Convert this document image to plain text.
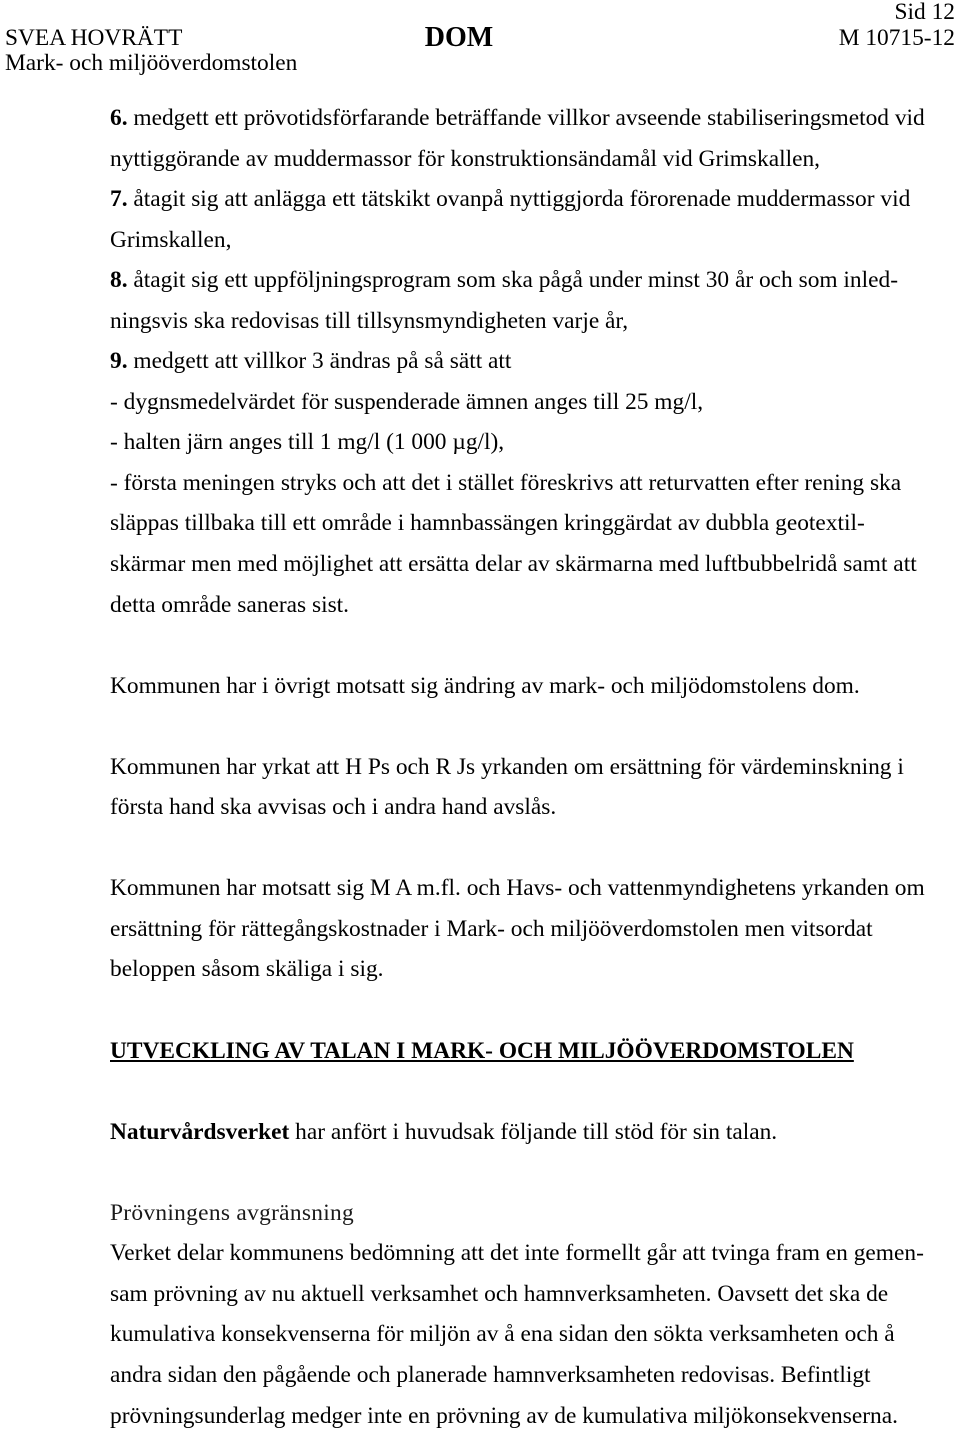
Sid 12
SVEA HOVRÄTT	DOM	M 10715-12
Mark- och miljööverdomstolen
6. medgett ett prövotidsförfarande beträffande villkor avseende stabiliseringsmetod vid
nyttiggörande av muddermassor för konstruktionsändamål vid Grimskallen,
7. åtagit sig att anlägga ett tätskikt ovanpå nyttiggjorda förorenade muddermassor vid
Grimskallen,
8. åtagit sig ett uppföljningsprogram som ska pågå under minst 30 år och som inled-
ningsvis ska redovisas till tillsynsmyndigheten varje år,
9. medgett att villkor 3 ändras på så sätt att
- dygnsmedelvärdet för suspenderade ämnen anges till 25 mg/l,
- halten järn anges till 1 mg/l (1 000 µg/l),
- första meningen stryks och att det i stället föreskrivs att returvatten efter rening ska
släppas tillbaka till ett område i hamnbassängen kringgärdat av dubbla geotextil-
skärmar men med möjlighet att ersätta delar av skärmarna med luftbubbelridå samt att
detta område saneras sist.
Kommunen har i övrigt motsatt sig ändring av mark- och miljödomstolens dom.
Kommunen har yrkat att H Ps och R Js yrkanden om ersättning för värdeminskning i
första hand ska avvisas och i andra hand avslås.
Kommunen har motsatt sig M A m.fl. och Havs- och vattenmyndighetens yrkanden om
ersättning för rättegångskostnader i Mark- och miljööverdomstolen men vitsordat
beloppen såsom skäliga i sig.
UTVECKLING AV TALAN I MARK- OCH MILJÖÖVERDOMSTOLEN
Naturvårdsverket har anfört i huvudsak följande till stöd för sin talan.
Prövningens avgränsning
Verket delar kommunens bedömning att det inte formellt går att tvinga fram en gemen-
sam prövning av nu aktuell verksamhet och hamnverksamheten. Oavsett det ska de
kumulativa konsekvenserna för miljön av å ena sidan den sökta verksamheten och å
andra sidan den pågående och planerade hamnverksamheten redovisas. Befintligt
prövningsunderlag medger inte en prövning av de kumulativa miljökonsekvenserna.
